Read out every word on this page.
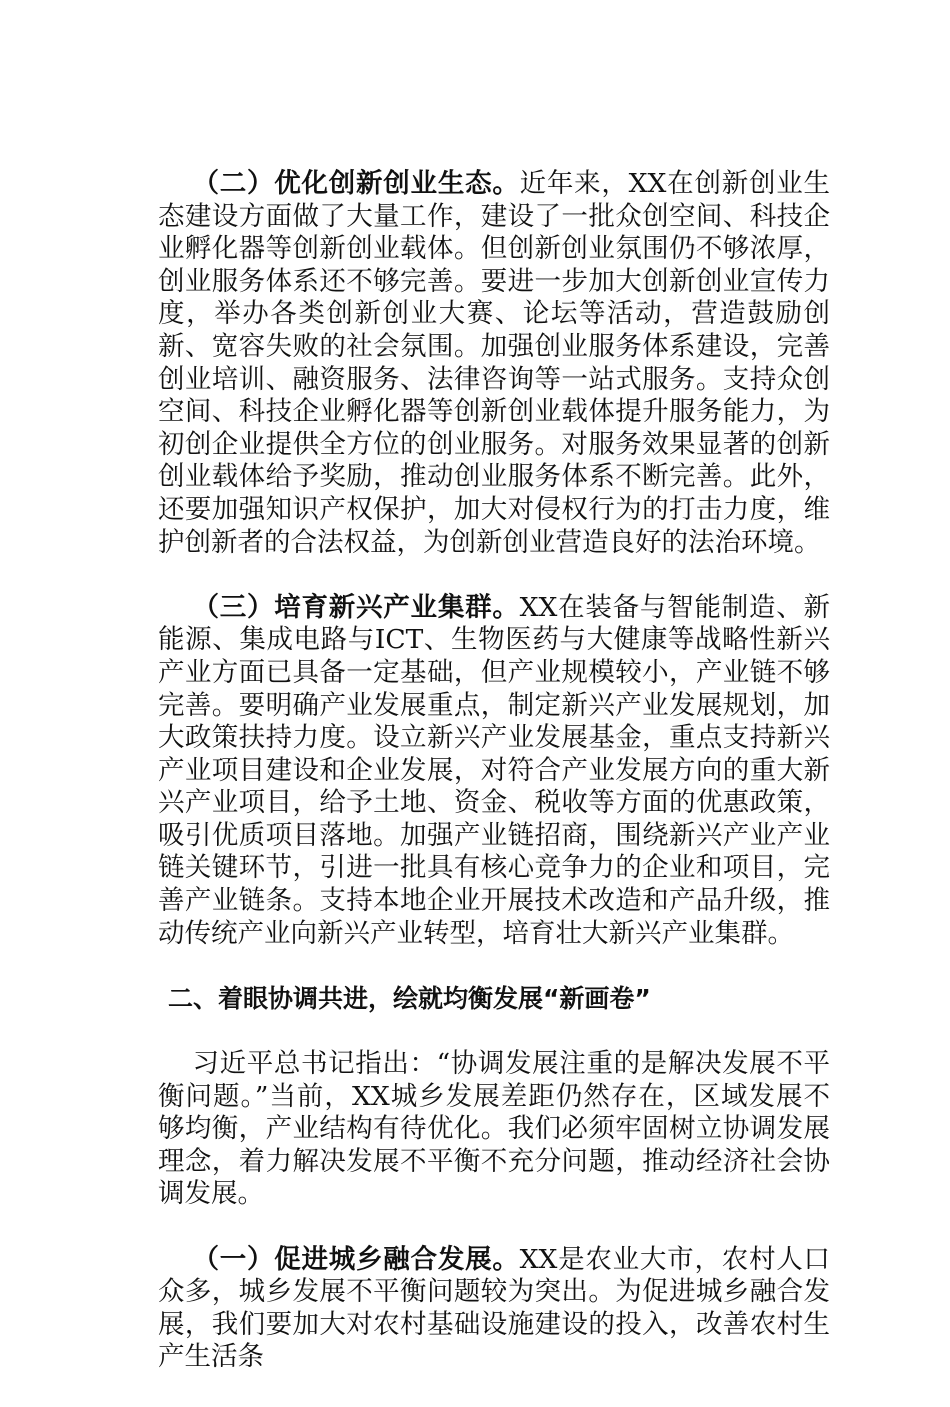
（二）优化创新创业生态。近年来，XX在创新创业生态建设方面做了大量工作，建设了一批众创空间、科技企业孵化器等创新创业载体。但创新创业氛围仍不够浓厚，创业服务体系还不够完善。要进一步加大创新创业宣传力度，举办各类创新创业大赛、论坛等活动，营造鼓励创新、宽容失败的社会氛围。加强创业服务体系建设，完善创业培训、融资服务、法律咨询等一站式服务。支持众创空间、科技企业孵化器等创新创业载体提升服务能力，为初创企业提供全方位的创业服务。对服务效果显著的创新创业载体给予奖励，推动创业服务体系不断完善。此外，还要加强知识产权保护，加大对侵权行为的打击力度，维护创新者的合法权益，为创新创业营造良好的法治环境。

（三）培育新兴产业集群。XX在装备与智能制造、新能源、集成电路与ICT、生物医药与大健康等战略性新兴产业方面已具备一定基础，但产业规模较小，产业链不够完善。要明确产业发展重点，制定新兴产业发展规划，加大政策扶持力度。设立新兴产业发展基金，重点支持新兴产业项目建设和企业发展，对符合产业发展方向的重大新兴产业项目，给予土地、资金、税收等方面的优惠政策，吸引优质项目落地。加强产业链招商，围绕新兴产业产业链关键环节，引进一批具有核心竞争力的企业和项目，完善产业链条。支持本地企业开展技术改造和产品升级，推动传统产业向新兴产业转型，培育壮大新兴产业集群。

二、着眼协调共进，绘就均衡发展“新画卷”

习近平总书记指出：“协调发展注重的是解决发展不平衡问题。”当前，XX城乡发展差距仍然存在，区域发展不够均衡，产业结构有待优化。我们必须牢固树立协调发展理念，着力解决发展不平衡不充分问题，推动经济社会协调发展。

（一）促进城乡融合发展。XX是农业大市，农村人口众多，城乡发展不平衡问题较为突出。为促进城乡融合发展，我们要加大对农村基础设施建设的投入，改善农村生产生活条
